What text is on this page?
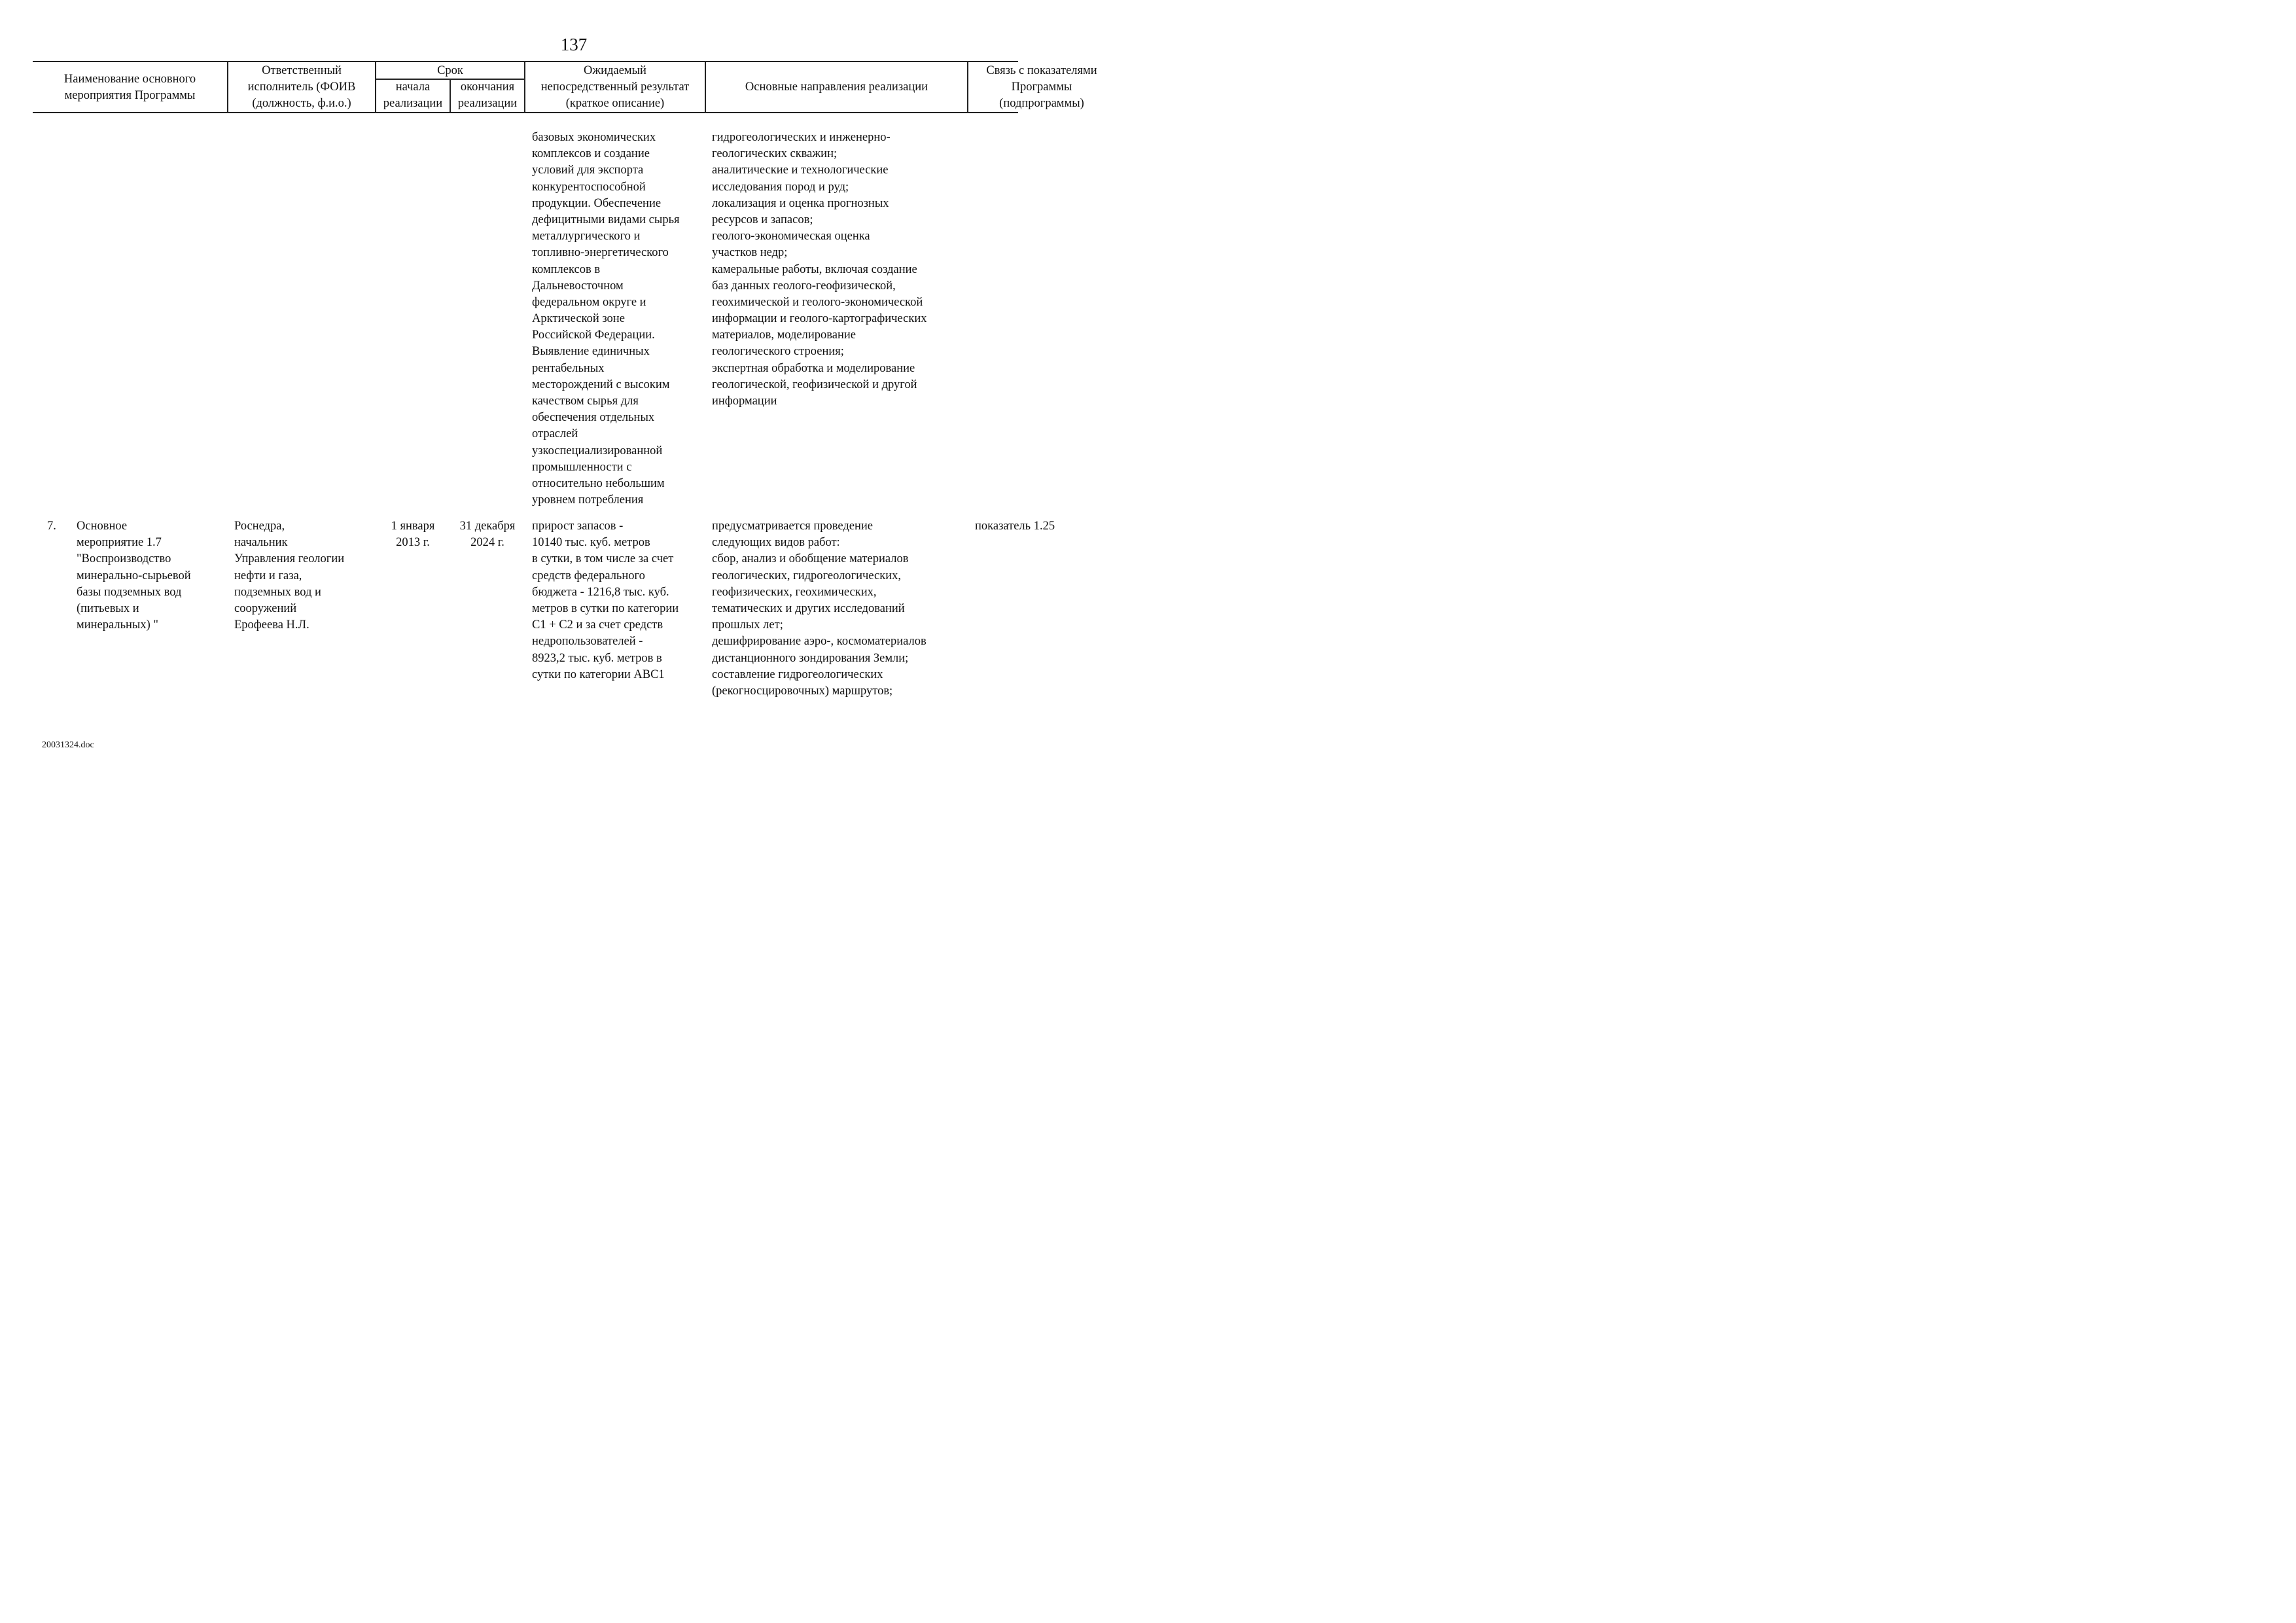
137
Наименование основного
мероприятия Программы
Ответственный
исполнитель (ФОИВ
(должность, ф.и.о.)
Срок
начала
реализации
окончания
реализации
Ожидаемый
непосредственный результат
(краткое описание)
Основные направления реализации
Связь с показателями
Программы
(подпрограммы)
базовых экономических
комплексов и создание
условий для экспорта
конкурентоспособной
продукции. Обеспечение
дефицитными видами сырья
металлургического и
топливно-энергетического
комплексов в
Дальневосточном
федеральном округе и
Арктической зоне
Российской Федерации.
Выявление единичных
рентабельных
месторождений с высоким
качеством сырья для
обеспечения отдельных
отраслей
узкоспециализированной
промышленности с
относительно небольшим
уровнем потребления
гидрогеологических и инженерно-
геологических скважин;
аналитические и технологические
исследования пород и руд;
локализация и оценка прогнозных
ресурсов и запасов;
геолого-экономическая оценка
участков недр;
камеральные работы, включая создание
баз данных геолого-геофизической,
геохимической и геолого-экономической
информации и геолого-картографических
материалов, моделирование
геологического строения;
экспертная обработка и моделирование
геологической, геофизической и другой
информации
7. Основное
мероприятие 1.7
"Воспроизводство
минерально-сырьевой
базы подземных вод
(питьевых и
минеральных) "
Роснедра,
начальник
Управления геологии
нефти и газа,
подземных вод и
сооружений
Ерофеева Н.Л.
1 января
2013 г.
31 декабря
2024 г.
прирост запасов -
10140 тыс. куб. метров
в сутки, в том числе за счет
средств федерального
бюджета - 1216,8 тыс. куб.
метров в сутки по категории
C1 + C2 и за счет средств
недропользователей -
8923,2 тыс. куб. метров в
сутки по категории АВС1
предусматривается проведение
следующих видов работ:
сбор, анализ и обобщение материалов
геологических, гидрогеологических,
геофизических, геохимических,
тематических и других исследований
прошлых лет;
дешифрирование аэро-, космоматериалов
дистанционного зондирования Земли;
составление гидрогеологических
(рекогносцировочных) маршрутов;
показатель 1.25
20031324.doc
